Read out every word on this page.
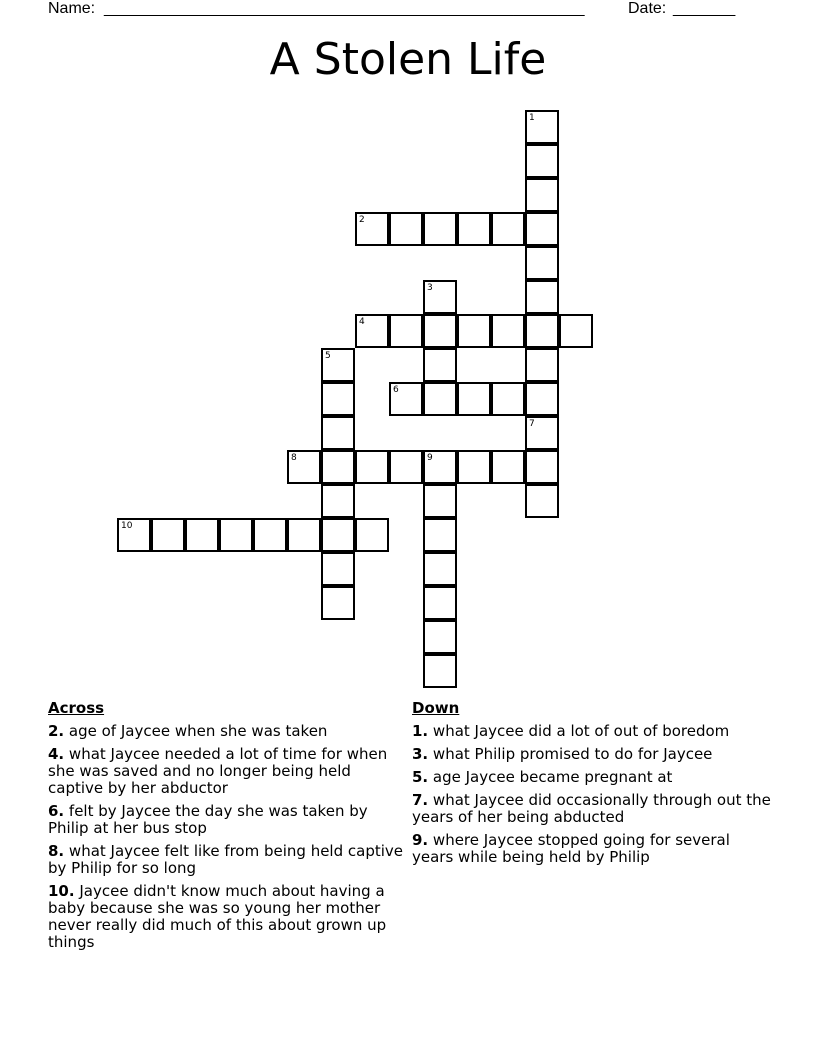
Name: ______________________________________________________	Date: _______
A Stolen Life
1
2
3
4
5
6
7
8	9
10
Across
2. age of Jaycee when she was taken
4. what Jaycee needed a lot of time for when she was saved and no longer being held captive by her abductor
6. felt by Jaycee the day she was taken by Philip at her bus stop
8. what Jaycee felt like from being held captive by Philip for so long
10. Jaycee didn't know much about having a baby because she was so young her mother never really did much of this about grown up things
Down
1. what Jaycee did a lot of out of boredom
3. what Philip promised to do for Jaycee
5. age Jaycee became pregnant at
7. what Jaycee did occasionally through out the years of her being abducted
9. where Jaycee stopped going for several years while being held by Philip
